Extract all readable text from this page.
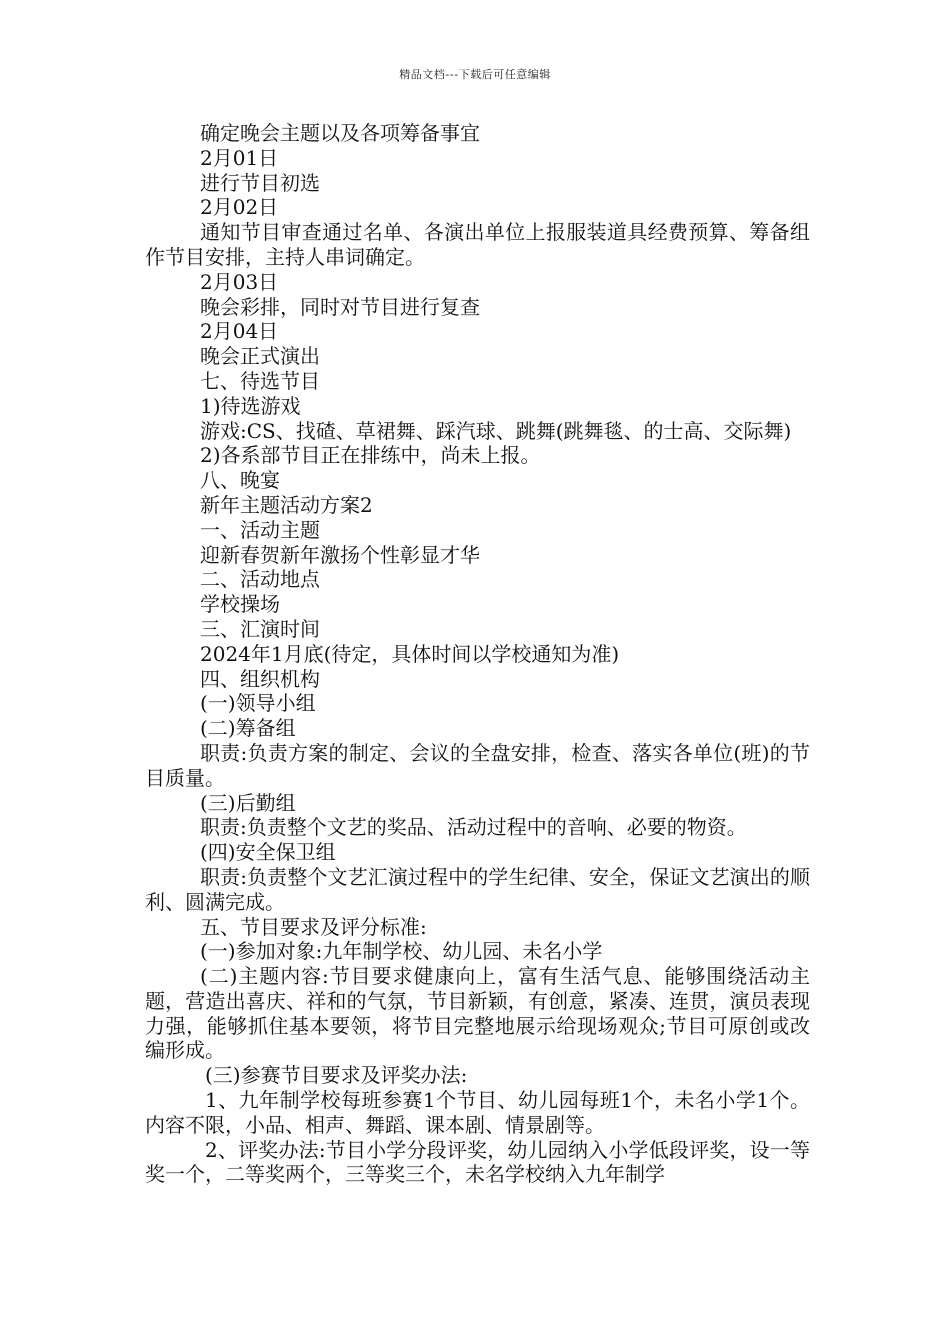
精品文档---下载后可任意编辑

确定晚会主题以及各项筹备事宜

2月01日

进行节目初选

2月02日

通知节目审查通过名单、各演出单位上报服装道具经费预算、筹备组作节目安排，主持人串词确定。

2月03日

晚会彩排，同时对节目进行复查

2月04日

晚会正式演出

七、待选节目

1)待选游戏

游戏:CS、找碴、草裙舞、踩汽球、跳舞(跳舞毯、的士高、交际舞)

2)各系部节目正在排练中，尚未上报。

八、晚宴

新年主题活动方案2

一、活动主题

迎新春贺新年激扬个性彰显才华

二、活动地点

学校操场

三、汇演时间

2024年1月底(待定，具体时间以学校通知为准)

四、组织机构

(一)领导小组

(二)筹备组

职责:负责方案的制定、会议的全盘安排，检查、落实各单位(班)的节目质量。

(三)后勤组

职责:负责整个文艺的奖品、活动过程中的音响、必要的物资。

(四)安全保卫组

职责:负责整个文艺汇演过程中的学生纪律、安全，保证文艺演出的顺利、圆满完成。

五、节目要求及评分标准:

(一)参加对象:九年制学校、幼儿园、未名小学

(二)主题内容:节目要求健康向上，富有生活气息、能够围绕活动主题，营造出喜庆、祥和的气氛，节目新颖，有创意，紧凑、连贯，演员表现力强，能够抓住基本要领，将节目完整地展示给现场观众;节目可原创或改编形成。

(三)参赛节目要求及评奖办法:

1、九年制学校每班参赛1个节目、幼儿园每班1个，未名小学1个。内容不限，小品、相声、舞蹈、课本剧、情景剧等。

2、评奖办法:节目小学分段评奖，幼儿园纳入小学低段评奖，设一等奖一个，二等奖两个，三等奖三个，未名学校纳入九年制学
